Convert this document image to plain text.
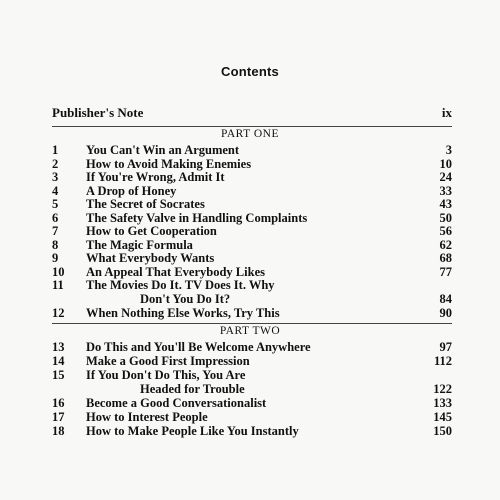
Contents
Publisher's Note	ix
PART ONE
PART TWO
1	You Can't Win an Argument	3
2	How to Avoid Making Enemies	10
3	If You're Wrong, Admit It	24
4	A Drop of Honey	33
5	The Secret of Socrates	43
6	The Safety Valve in Handling Complaints	50
7	How to Get Cooperation	56
8	The Magic Formula	62
9	What Everybody Wants	68
10	An Appeal That Everybody Likes	77
11	The Movies Do It. TV Does It. Why
Don't You Do It?	84
12	When Nothing Else Works, Try This	90
13	Do This and You'll Be Welcome Anywhere	97
14	Make a Good First Impression	112
15	If You Don't Do This, You Are
Headed for Trouble	122
16	Become a Good Conversationalist	133
17	How to Interest People	145
18	How to Make People Like You Instantly	150
